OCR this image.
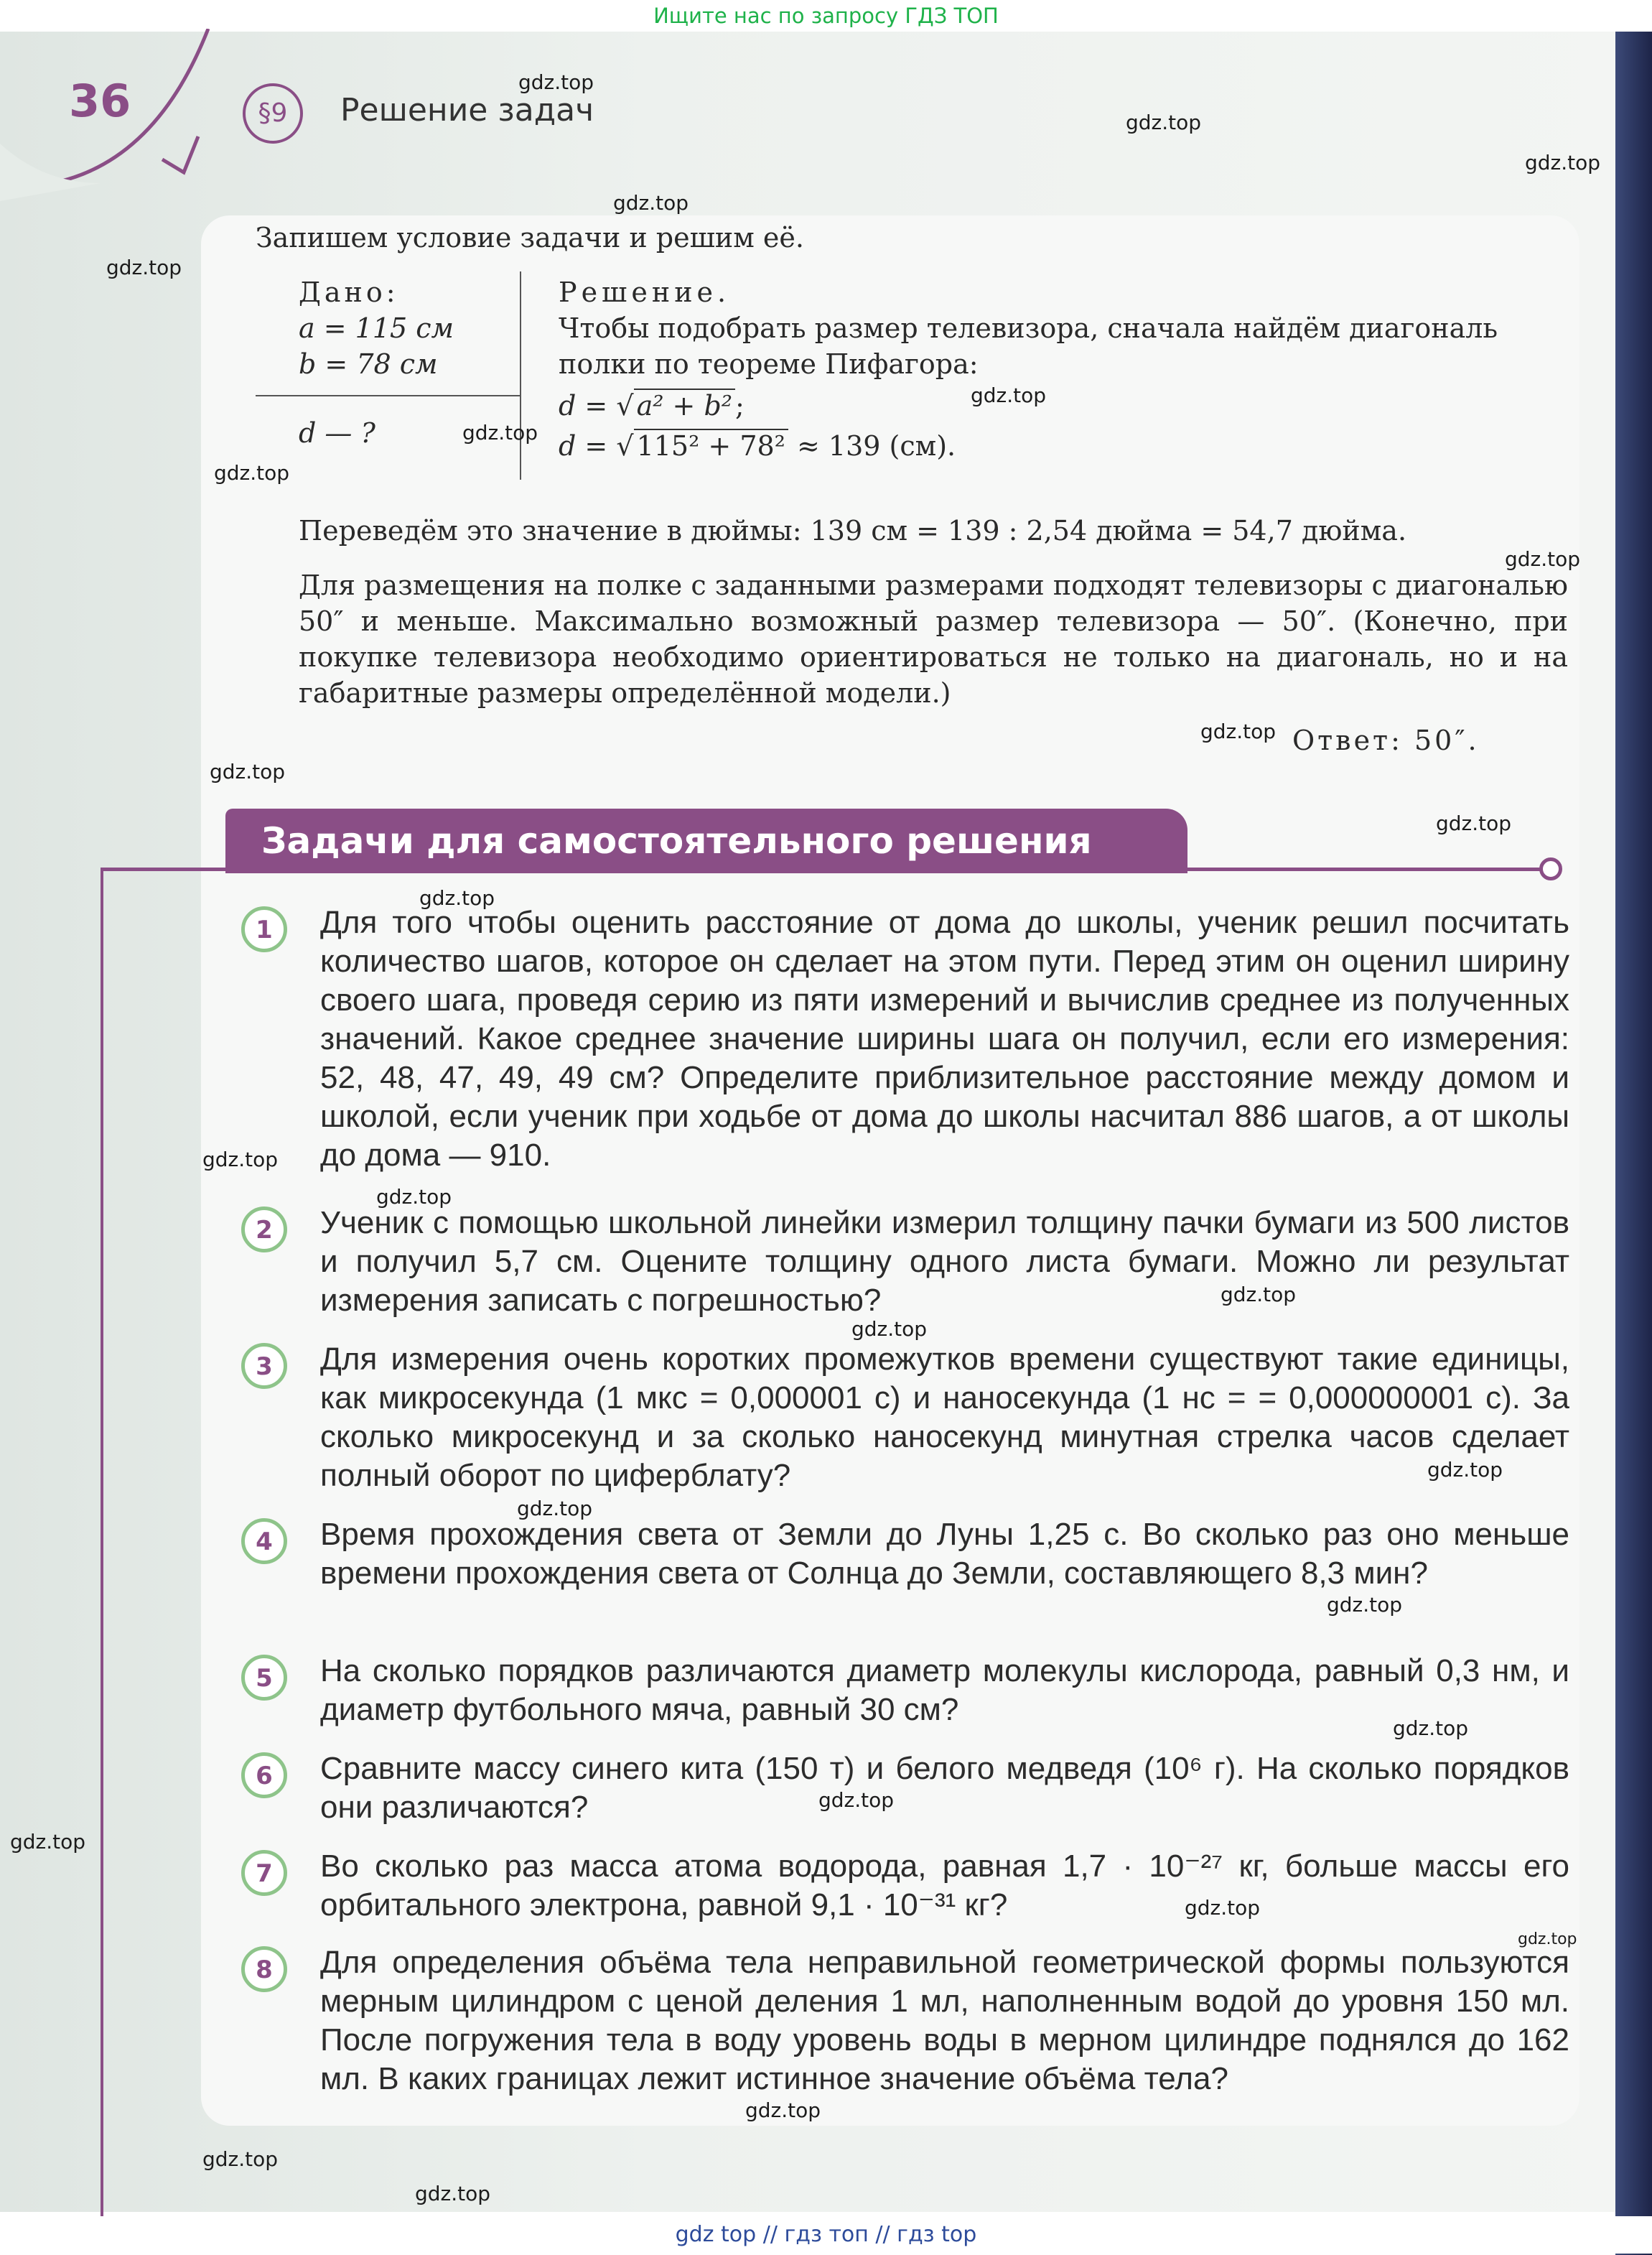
Ищите нас по запросу ГДЗ ТОП
36	§9	Решение задач
Запишем условие задачи и решим её.
Дано:
a = 115 см
b = 78 см
d — ?
Решение.
Чтобы подобрать размер телевизора, сначала найдём диагональ полки по теореме Пифагора:
d = √ a² + b² ;
d = √ 115² + 78² ≈ 139 (см).
Переведём это значение в дюймы: 139 см = 139 : 2,54 дюйма = 54,7 дюйма.
Для размещения на полке с заданными размерами подходят телевизоры с диагональю 50″ и меньше. Максимально возможный размер телевизора — 50″. (Конечно, при покупке телевизора необходимо ориентироваться не только на диагональ, но и на габаритные размеры определённой модели.)
Ответ: 50″.
Задачи для самостоятельного решения
1	Для того чтобы оценить расстояние от дома до школы, ученик решил посчитать количество шагов, которое он сделает на этом пути. Перед этим он оценил ширину своего шага, проведя серию из пяти измерений и вычислив среднее из полученных значений. Какое среднее значение ширины шага он получил, если его измерения: 52, 48, 47, 49, 49 см? Определите приблизительное расстояние между домом и школой, если ученик при ходьбе от дома до школы насчитал 886 шагов, а от школы до дома — 910.
2	Ученик с помощью школьной линейки измерил толщину пачки бумаги из 500 листов и получил 5,7 см. Оцените толщину одного листа бумаги. Можно ли результат измерения записать с погрешностью?
3	Для измерения очень коротких промежутков времени существуют такие единицы, как микросекунда (1 мкс = 0,000001 с) и наносекунда (1 нс = = 0,000000001 с). За сколько микросекунд и за сколько наносекунд минутная стрелка часов сделает полный оборот по циферблату?
4	Время прохождения света от Земли до Луны 1,25 с. Во сколько раз оно меньше времени прохождения света от Солнца до Земли, составляющего 8,3 мин?
5	На сколько порядков различаются диаметр молекулы кислорода, равный 0,3 нм, и диаметр футбольного мяча, равный 30 см?
6	Сравните массу синего кита (150 т) и белого медведя (10⁶ г). На сколько порядков они различаются?
7	Во сколько раз масса атома водорода, равная 1,7 · 10⁻²⁷ кг, больше массы его орбитального электрона, равной 9,1 · 10⁻³¹ кг?
8	Для определения объёма тела неправильной геометрической формы пользуются мерным цилиндром с ценой деления 1 мл, наполненным водой до уровня 150 мл. После погружения тела в воду уровень воды в мерном цилиндре поднялся до 162 мл. В каких границах лежит истинное значение объёма тела?
gdz.top
gdz.top
gdz.top
gdz.top
gdz.top
gdz.top
gdz.top
gdz.top
gdz.top
gdz.top
gdz.top
gdz.top
gdz.top
gdz.top
gdz.top
gdz.top
gdz.top
gdz.top
gdz.top
gdz.top
gdz.top
gdz.top
gdz.top
gdz.top
gdz.top
gdz.top
gdz.top
gdz.top
gdz top // гдз топ // гдз top
